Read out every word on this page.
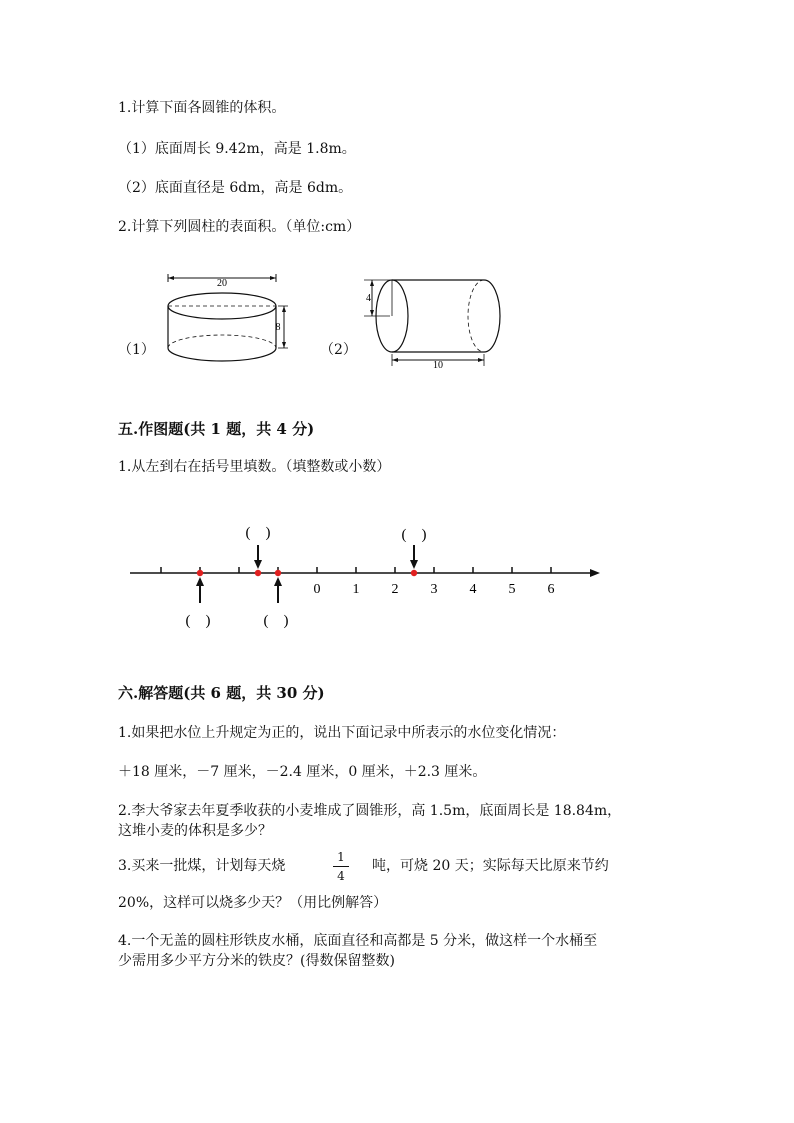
1.计算下面各圆锥的体积。
（1）底面周长 9.42m，高是 1.8m。
（2）底面直径是 6dm，高是 6dm。
2.计算下列圆柱的表面积。（单位:cm）
（1）	（2）
20
8
4
10
五.作图题(共 1 题，共 4 分)
1.从左到右在括号里填数。（填整数或小数）
0 1 2 3 4 5 6
(    )	(    )
(    )	(    )
六.解答题(共 6 题，共 30 分)
1.如果把水位上升规定为正的，说出下面记录中所表示的水位变化情况：
＋18 厘米，－7 厘米，－2.4 厘米，0 厘米，＋2.3 厘米。
2.李大爷家去年夏季收获的小麦堆成了圆锥形，高 1.5m，底面周长是 18.84m，
这堆小麦的体积是多少？
3.买来一批煤，计划每天烧
1
4
吨，可烧 20 天；实际每天比原来节约
20%，这样可以烧多少天？（用比例解答）
4.一个无盖的圆柱形铁皮水桶，底面直径和高都是 5 分米，做这样一个水桶至
少需用多少平方分米的铁皮？(得数保留整数)
